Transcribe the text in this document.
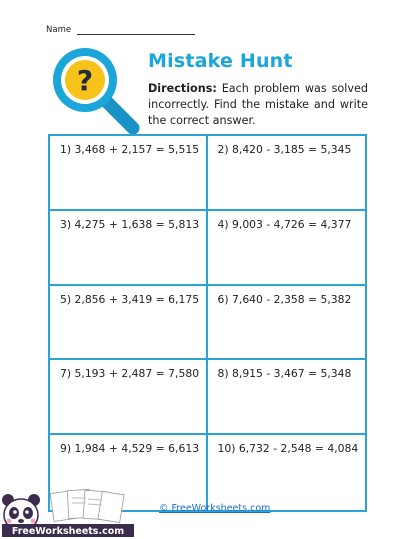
Name
?
Mistake Hunt
Directions: Each problem was solved incorrectly. Find the mistake and write the correct answer.
1) 3,468 + 2,157 = 5,515	2) 8,420 - 3,185 = 5,345
3) 4,275 + 1,638 = 5,813	4) 9,003 - 4,726 = 4,377
5) 2,856 + 3,419 = 6,175	6) 7,640 - 2,358 = 5,382
7) 5,193 + 2,487 = 7,580	8) 8,915 - 3,467 = 5,348
9) 1,984 + 4,529 = 6,613	10) 6,732 - 2,548 = 4,084
FreeWorksheets.com
© FreeWorksheets.com
